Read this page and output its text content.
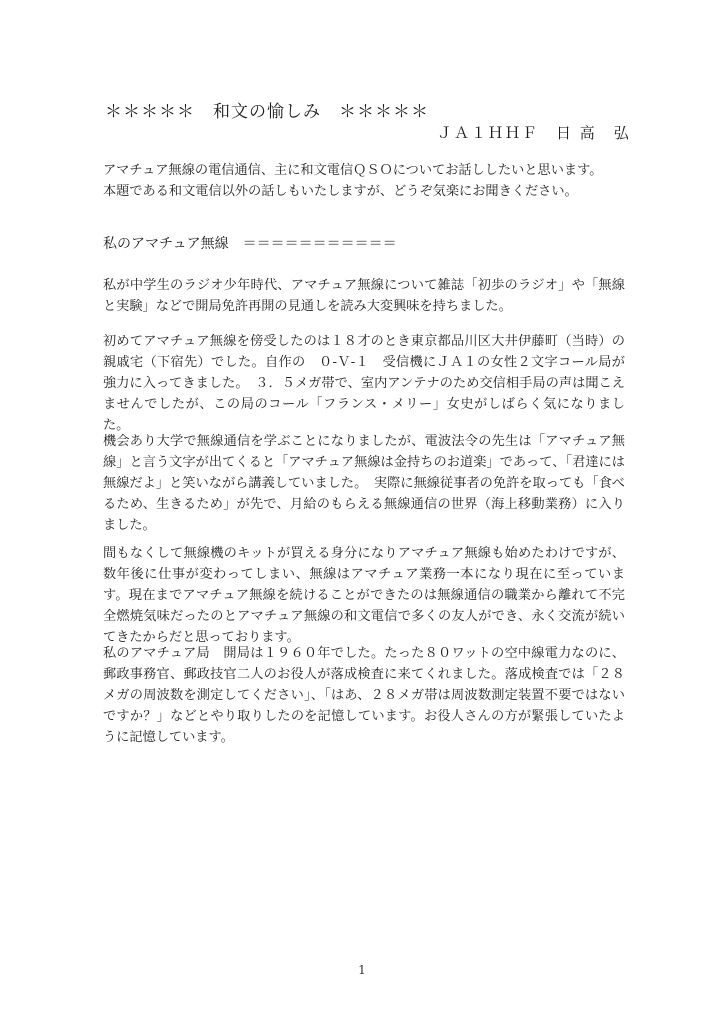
＊＊＊＊＊　和文の愉しみ　＊＊＊＊＊
ＪＡ１ＨＨＦ　日 高　弘

アマチュア無線の電信通信、主に和文電信ＱＳＯについてお話ししたいと思います。

本題である和文電信以外の話しもいたしますが、どうぞ気楽にお聞きください。

私のアマチュア無線　＝＝＝＝＝＝＝＝＝＝＝

私が中学生のラジオ少年時代、アマチュア無線について雑誌「初歩のラジオ」や「無線と実験」などで開局免許再開の見通しを読み大変興味を持ちました。

初めてアマチュア無線を傍受したのは１８才のとき東京都品川区大井伊藤町（当時）の親戚宅（下宿先）でした。自作の　０‐Ｖ‐１　受信機にＪＡ１の女性２文字コール局が強力に入ってきました。　３．５メガ帯で、室内アンテナのため交信相手局の声は聞こえませんでしたが、この局のコール「フランス・メリー」女史がしばらく気になりました。

機会あり大学で無線通信を学ぶことになりましたが、電波法令の先生は「アマチュア無線」と言う文字が出てくると「アマチュア無線は金持ちのお道楽」であって、「君達には無線だよ」と笑いながら講義していました。　実際に無線従事者の免許を取っても「食べるため、生きるため」が先で、月給のもらえる無線通信の世界（海上移動業務）に入りました。

間もなくして無線機のキットが買える身分になりアマチュア無線も始めたわけですが、数年後に仕事が変わってしまい、無線はアマチュア業務一本になり現在に至っています。現在までアマチュア無線を続けることができたのは無線通信の職業から離れて不完全燃焼気味だったのとアマチュア無線の和文電信で多くの友人ができ、永く交流が続いてきたからだと思っております。

私のアマチュア局　開局は１９６０年でした。たった８０ワットの空中線電力なのに、郵政事務官、郵政技官二人のお役人が落成検査に来てくれました。落成検査では「２８メガの周波数を測定してください」、「はあ、２８メガ帯は周波数測定装置不要ではないですか？」などとやり取りしたのを記憶しています。お役人さんの方が緊張していたように記憶しています。

1
